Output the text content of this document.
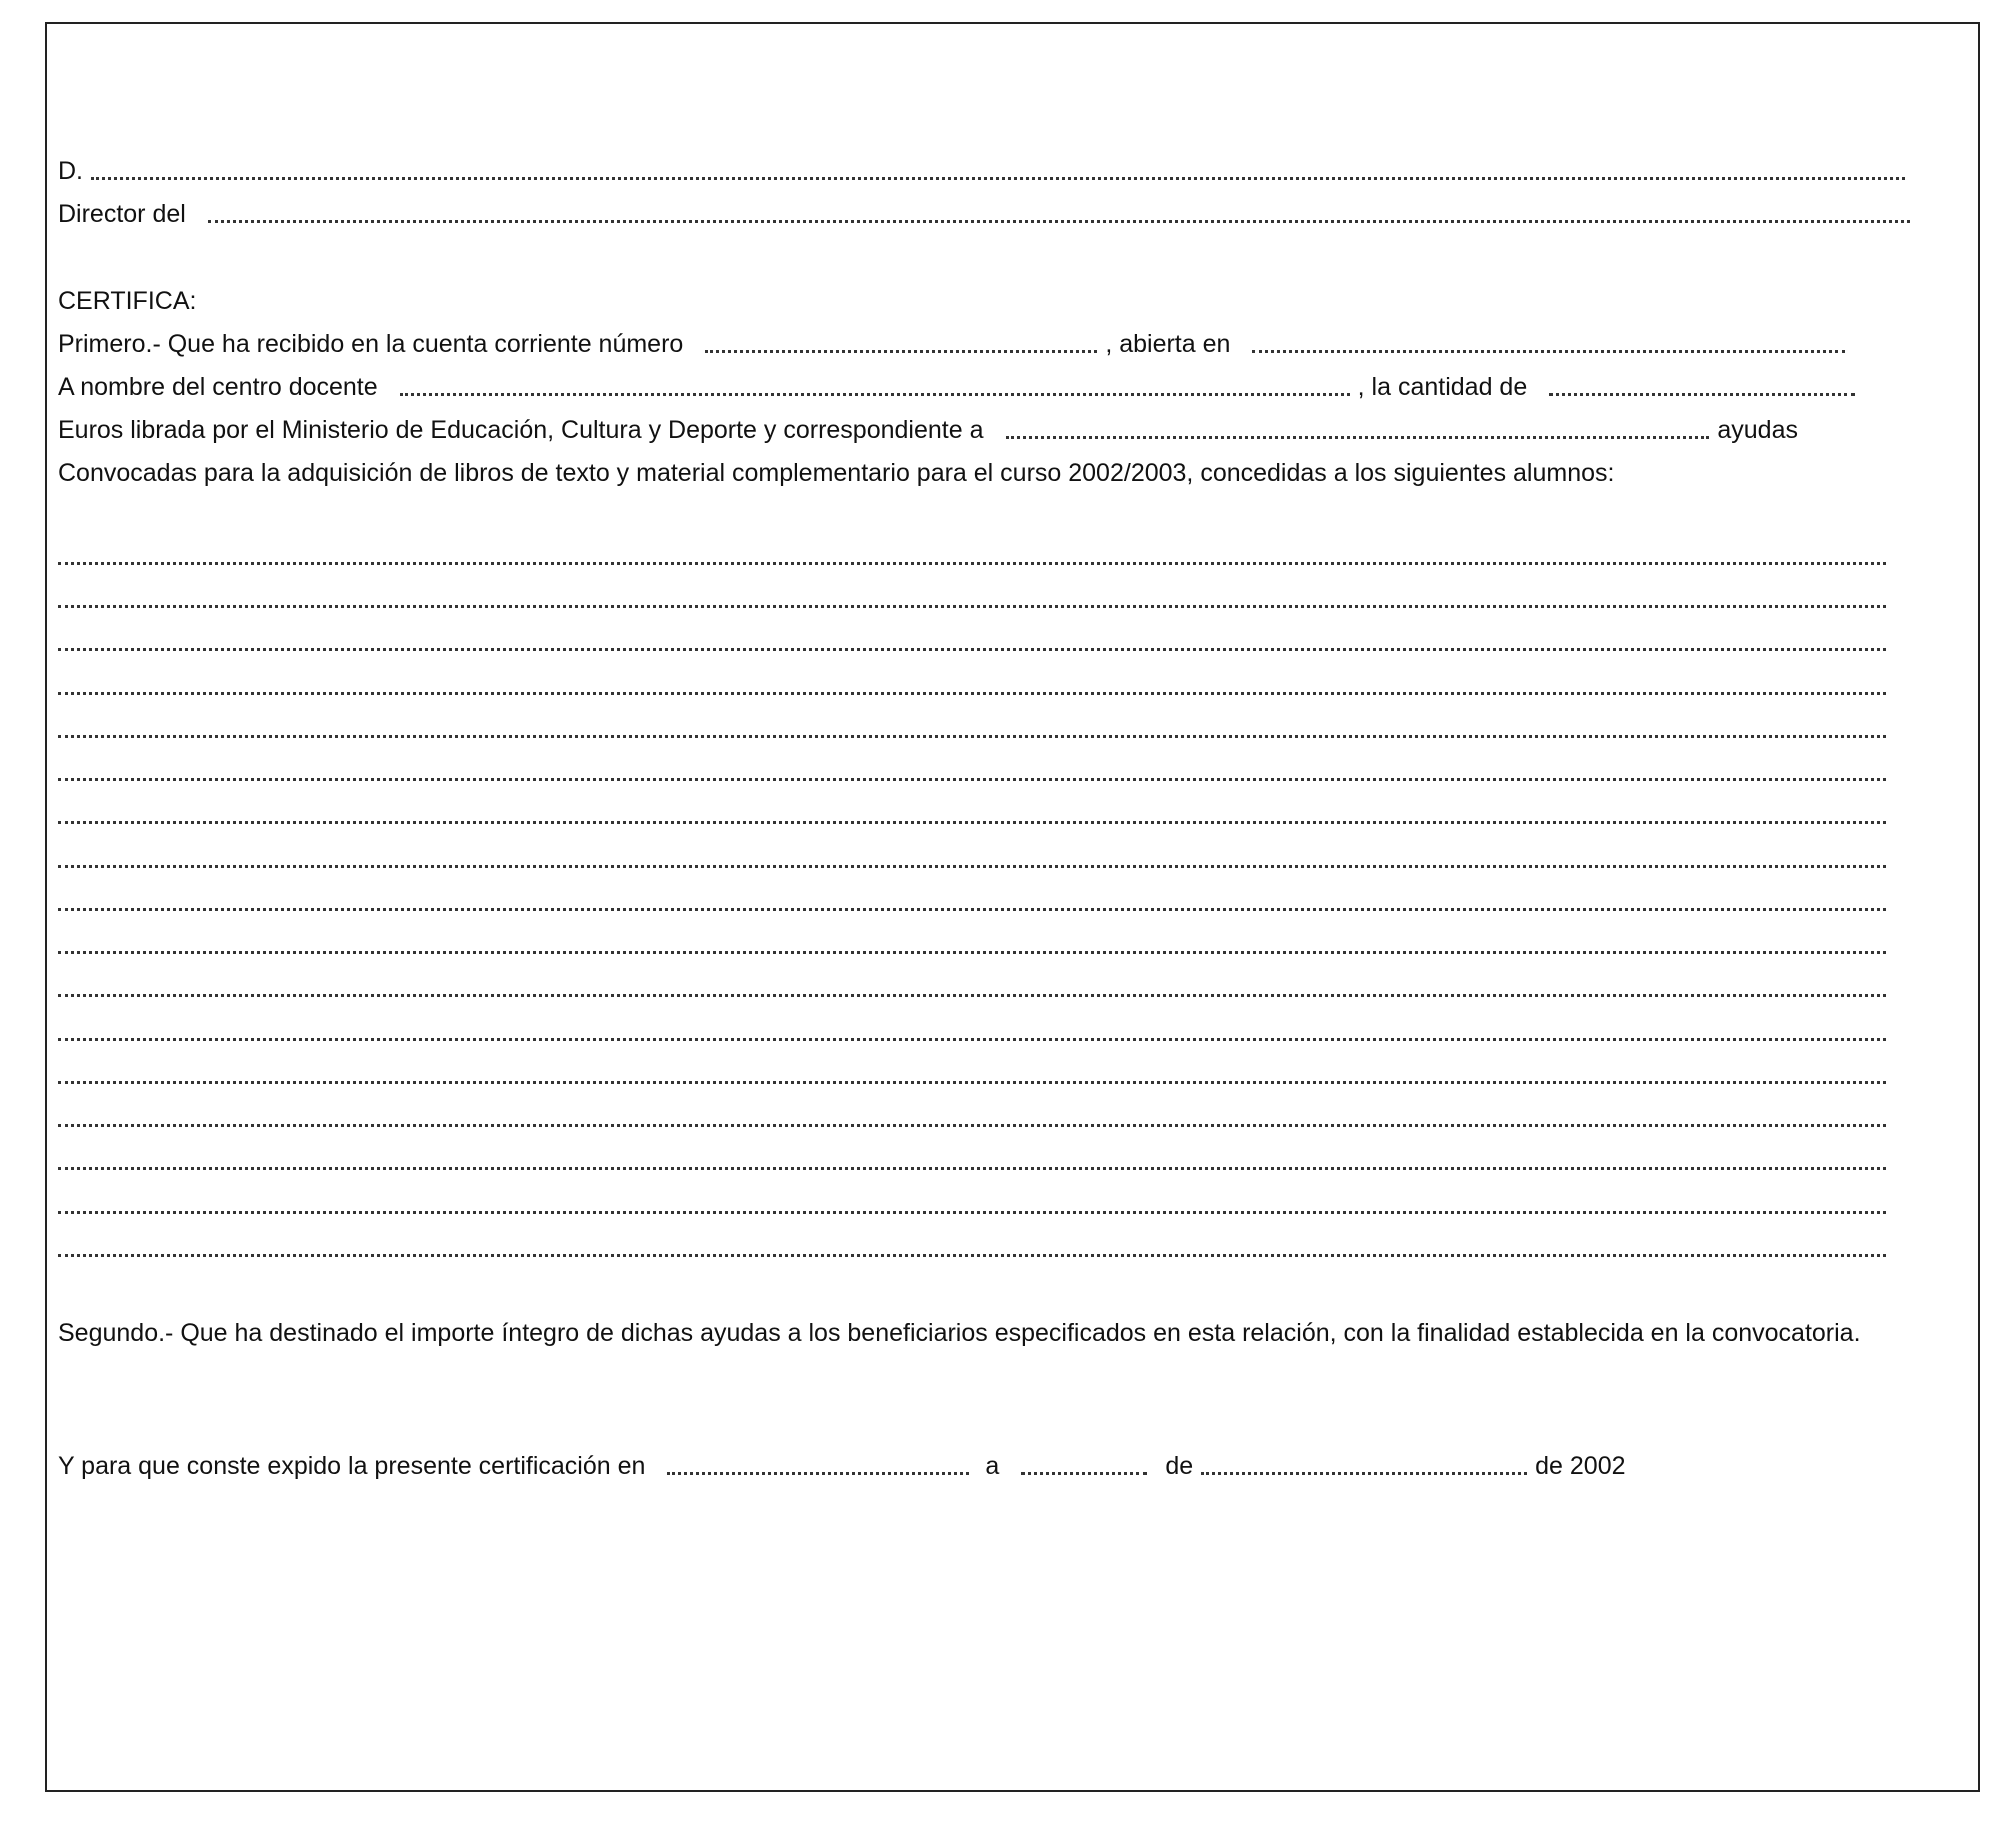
D.
Director del
CERTIFICA:
Primero.- Que ha recibido en la cuenta corriente número	, abierta en
A nombre del centro docente	, la cantidad de
Euros librada por el Ministerio de Educación, Cultura y Deporte y correspondiente a	ayudas
Convocadas para la adquisición de libros de texto y material complementario para el curso 2002/2003, concedidas a los siguientes alumnos:
Segundo.- Que ha destinado el importe íntegro de dichas ayudas a los beneficiarios especificados en esta relación, con la finalidad establecida en la convocatoria.
Y para que conste expido la presente certificación en	a	de	de 2002
